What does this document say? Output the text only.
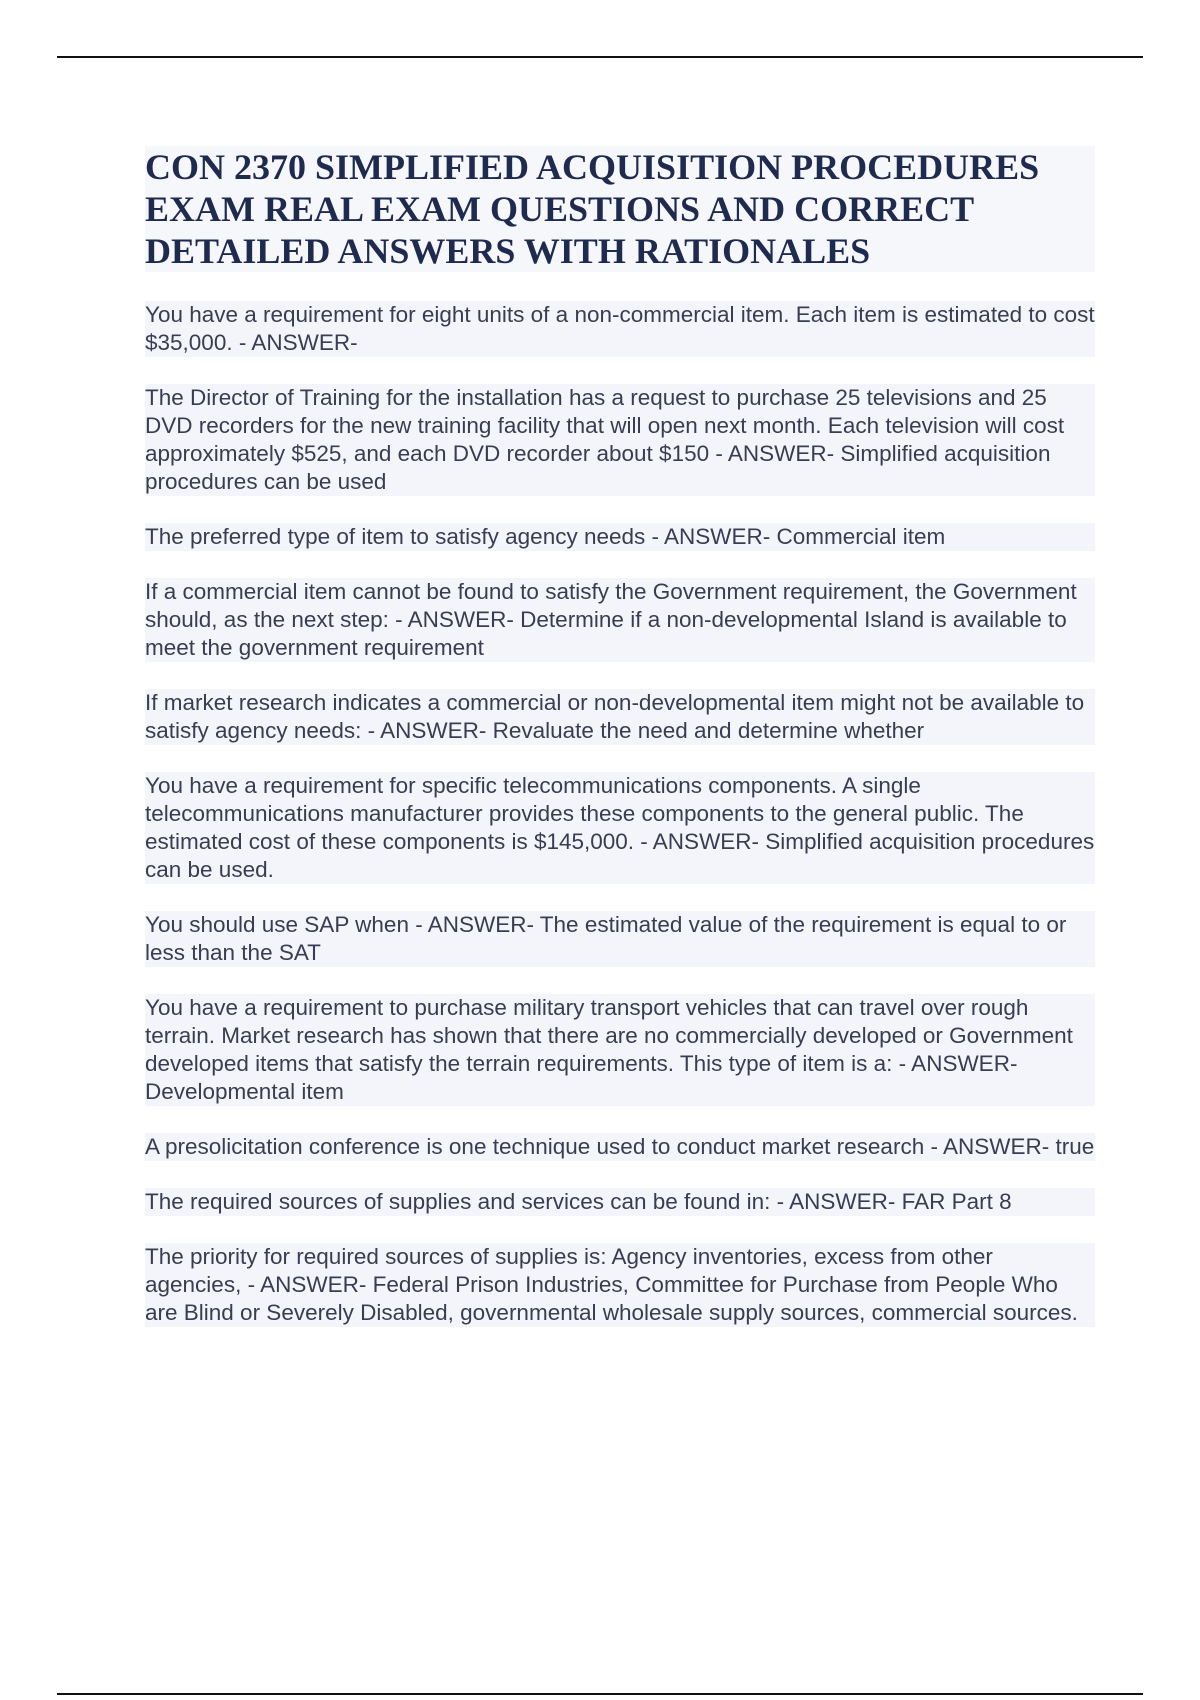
CON 2370 SIMPLIFIED ACQUISITION PROCEDURES EXAM REAL EXAM QUESTIONS AND CORRECT DETAILED ANSWERS WITH RATIONALES

You have a requirement for eight units of a non-commercial item. Each item is estimated to cost $35,000. - ANSWER-

The Director of Training for the installation has a request to purchase 25 televisions and 25 DVD recorders for the new training facility that will open next month. Each television will cost approximately $525, and each DVD recorder about $150 - ANSWER- Simplified acquisition procedures can be used

The preferred type of item to satisfy agency needs - ANSWER- Commercial item

If a commercial item cannot be found to satisfy the Government requirement, the Government should, as the next step: - ANSWER- Determine if a non-developmental Island is available to meet the government requirement

If market research indicates a commercial or non-developmental item might not be available to satisfy agency needs: - ANSWER- Revaluate the need and determine whether

You have a requirement for specific telecommunications components. A single telecommunications manufacturer provides these components to the general public. The estimated cost of these components is $145,000. - ANSWER- Simplified acquisition procedures can be used.

You should use SAP when - ANSWER- The estimated value of the requirement is equal to or less than the SAT

You have a requirement to purchase military transport vehicles that can travel over rough terrain. Market research has shown that there are no commercially developed or Government developed items that satisfy the terrain requirements. This type of item is a: - ANSWER- Developmental item

A presolicitation conference is one technique used to conduct market research - ANSWER- true

The required sources of supplies and services can be found in: - ANSWER- FAR Part 8

The priority for required sources of supplies is: Agency inventories, excess from other agencies, - ANSWER- Federal Prison Industries, Committee for Purchase from People Who are Blind or Severely Disabled, governmental wholesale supply sources, commercial sources.
